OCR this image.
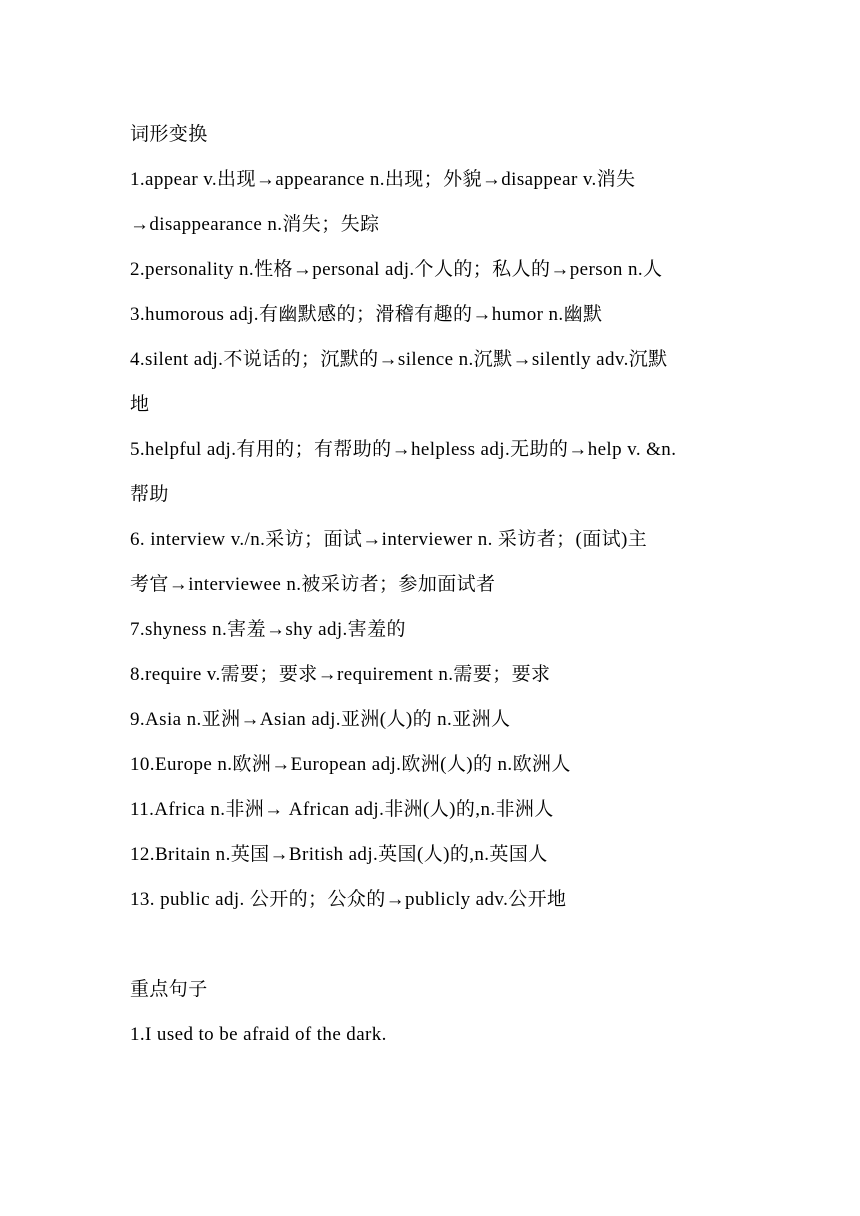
词形变换
1.appear v.出现→appearance n.出现；外貌→disappear v.消失
→disappearance n.消失；失踪
2.personality n.性格→personal adj.个人的；私人的→person n.人
3.humorous adj.有幽默感的；滑稽有趣的→humor n.幽默
4.silent adj.不说话的；沉默的→silence n.沉默→silently adv.沉默
地
5.helpful adj.有用的；有帮助的→helpless adj.无助的→help v. &n.
帮助
6. interview v./n.采访；面试→interviewer n. 采访者；(面试)主
考官→interviewee n.被采访者；参加面试者
7.shyness n.害羞→shy adj.害羞的
8.require v.需要；要求→requirement n.需要；要求
9.Asia n.亚洲→Asian adj.亚洲(人)的 n.亚洲人
10.Europe n.欧洲→European adj.欧洲(人)的 n.欧洲人
11.Africa n.非洲→ African adj.非洲(人)的,n.非洲人
12.Britain n.英国→British adj.英国(人)的,n.英国人
13. public adj. 公开的；公众的→publicly adv.公开地
重点句子
1.I used to be afraid of the dark.
